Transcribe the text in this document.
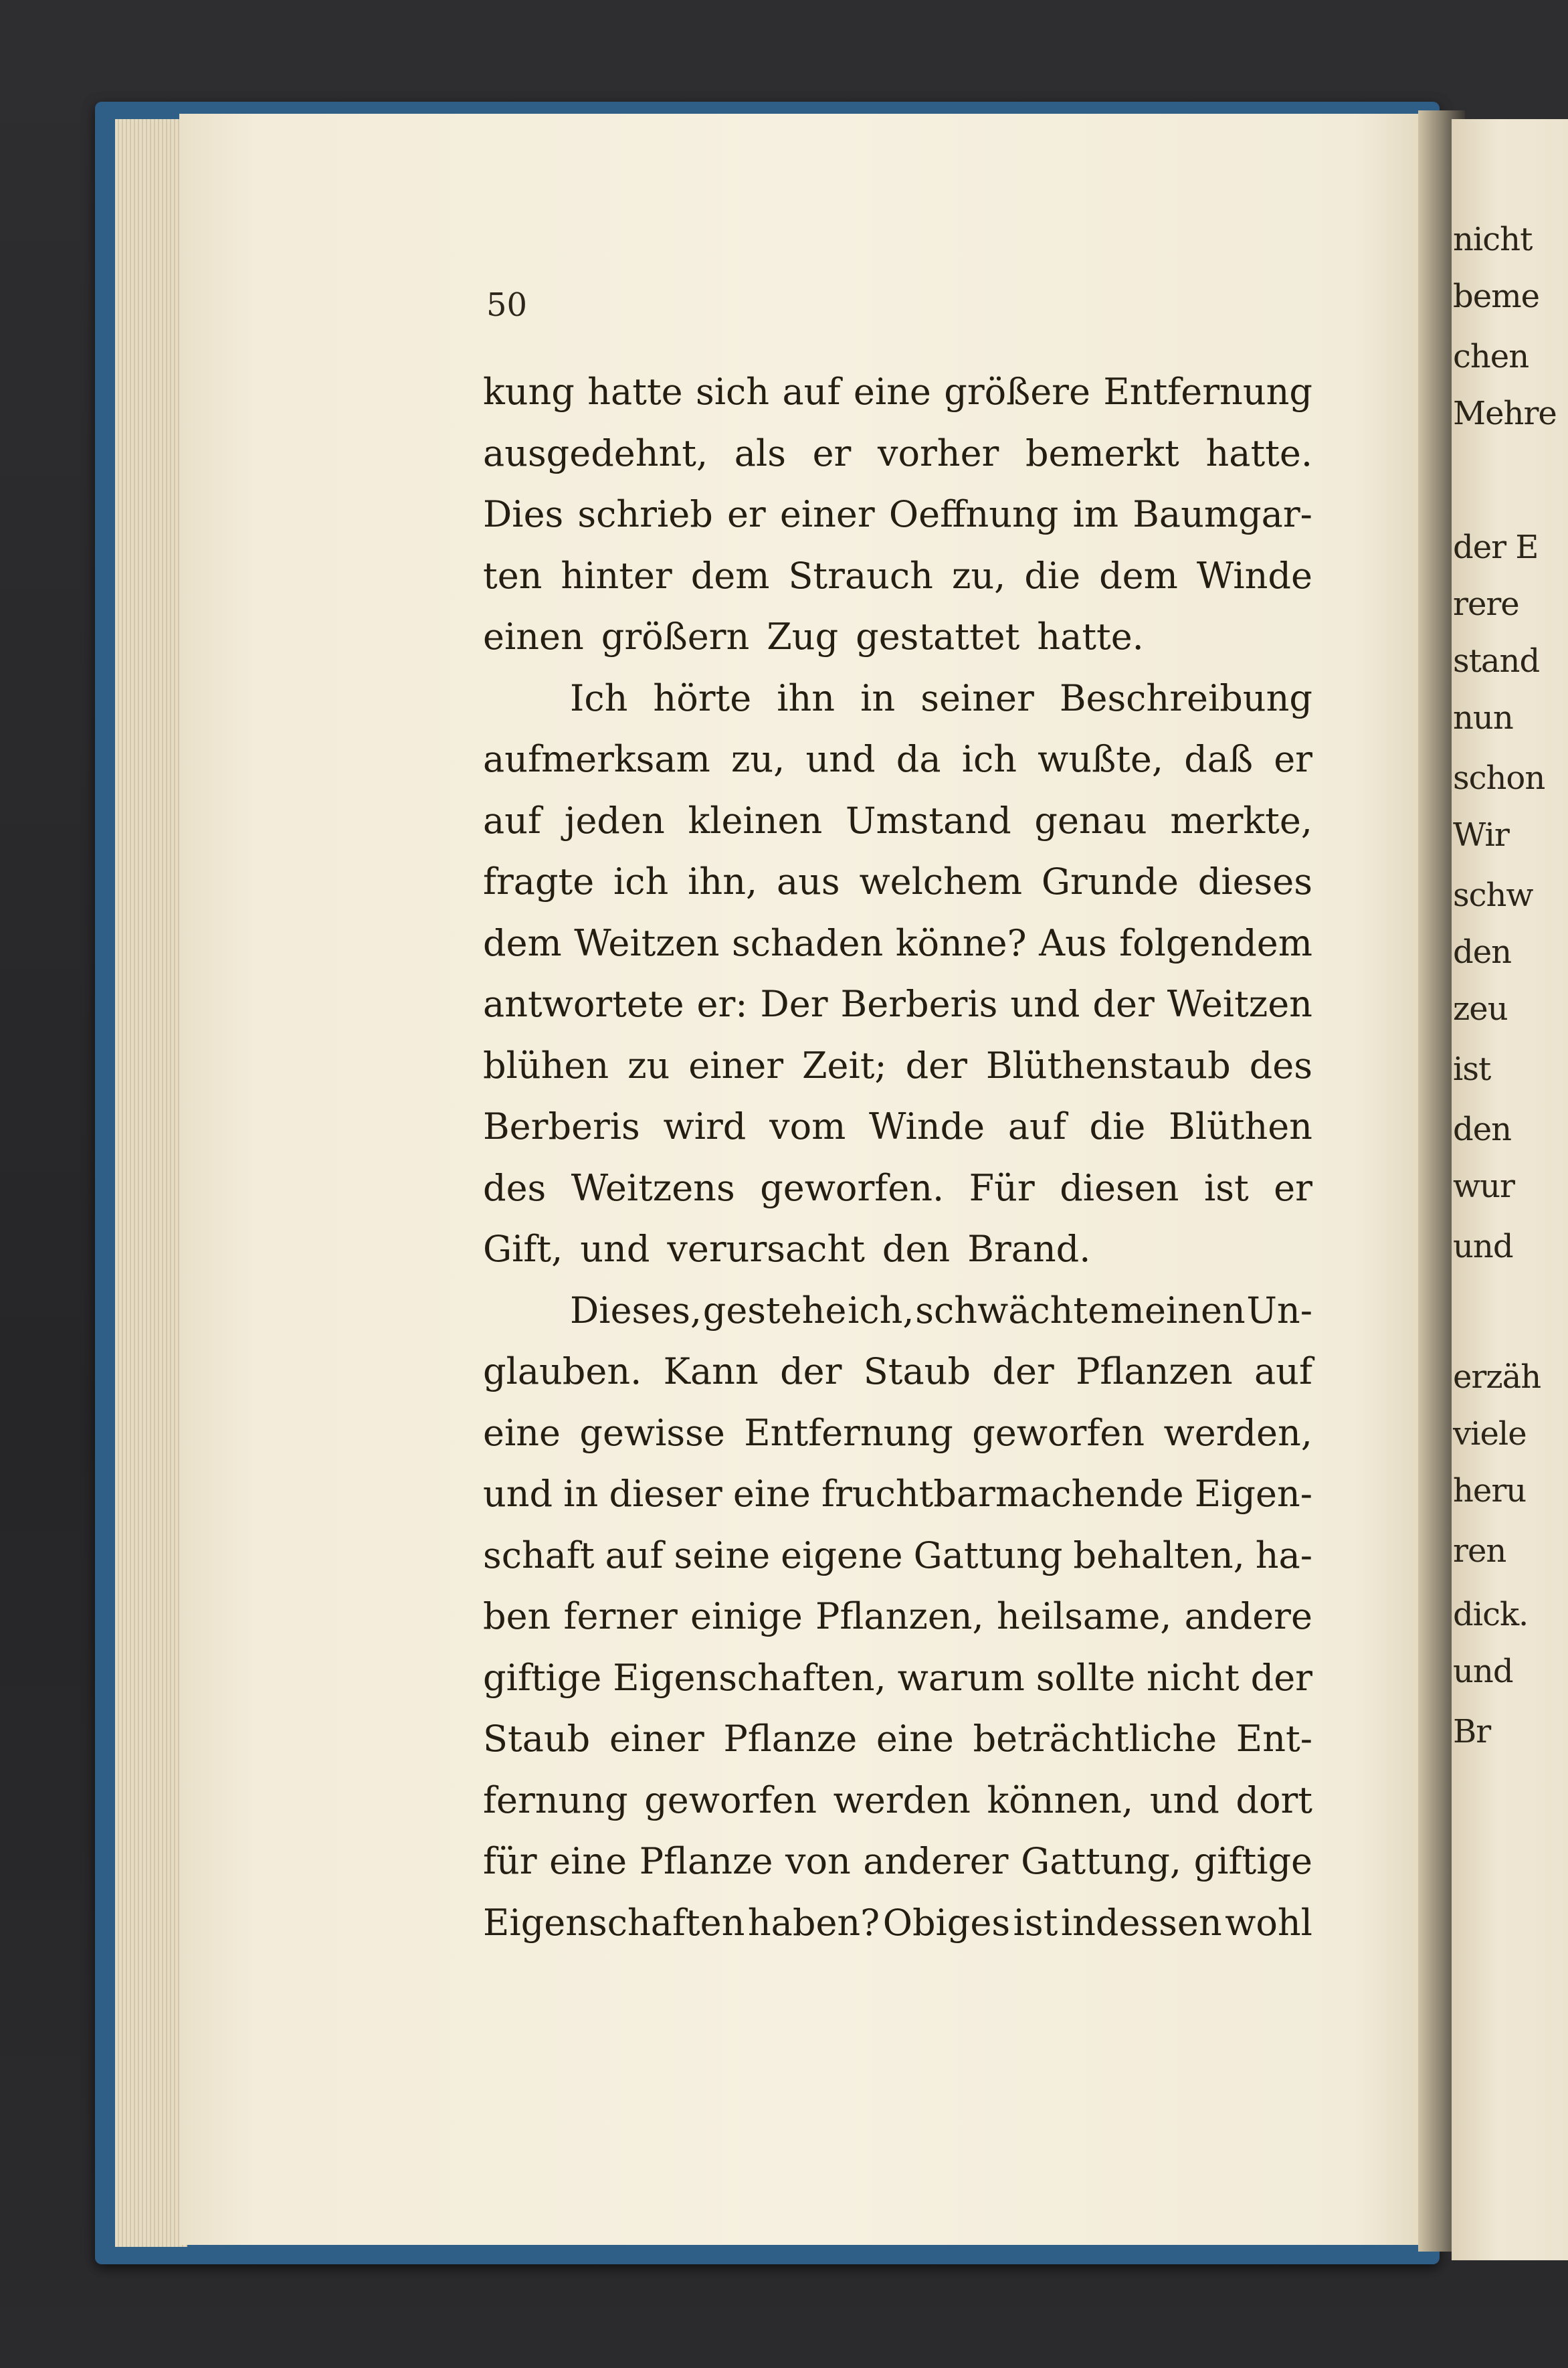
nicht
beme
chen
Mehre
der E
rere
stand
nun
schon
Wir
schw
den
zeu
ist
den
wur
und
erzäh
viele
heru
ren
dick.
und
Br
50
kung hatte sich auf eine größere Entfernung
ausgedehnt, als er vorher bemerkt hatte.
Dies schrieb er einer Oeffnung im Baumgar-
ten hinter dem Strauch zu, die dem Winde
einen größern Zug gestattet hatte.
Ich hörte ihn in seiner Beschreibung
aufmerksam zu, und da ich wußte, daß er
auf jeden kleinen Umstand genau merkte,
fragte ich ihn, aus welchem Grunde dieses
dem Weitzen schaden könne? Aus folgendem
antwortete er: Der Berberis und der Weitzen
blühen zu einer Zeit; der Blüthenstaub des
Berberis wird vom Winde auf die Blüthen
des Weitzens geworfen. Für diesen ist er
Gift, und verursacht den Brand.
Dieses, gestehe ich, schwächte meinen Un-
glauben. Kann der Staub der Pflanzen auf
eine gewisse Entfernung geworfen werden,
und in dieser eine fruchtbarmachende Eigen-
schaft auf seine eigene Gattung behalten, ha-
ben ferner einige Pflanzen, heilsame, andere
giftige Eigenschaften, warum sollte nicht der
Staub einer Pflanze eine beträchtliche Ent-
fernung geworfen werden können, und dort
für eine Pflanze von anderer Gattung, giftige
Eigenschaften haben? Obiges ist indessen wohl
